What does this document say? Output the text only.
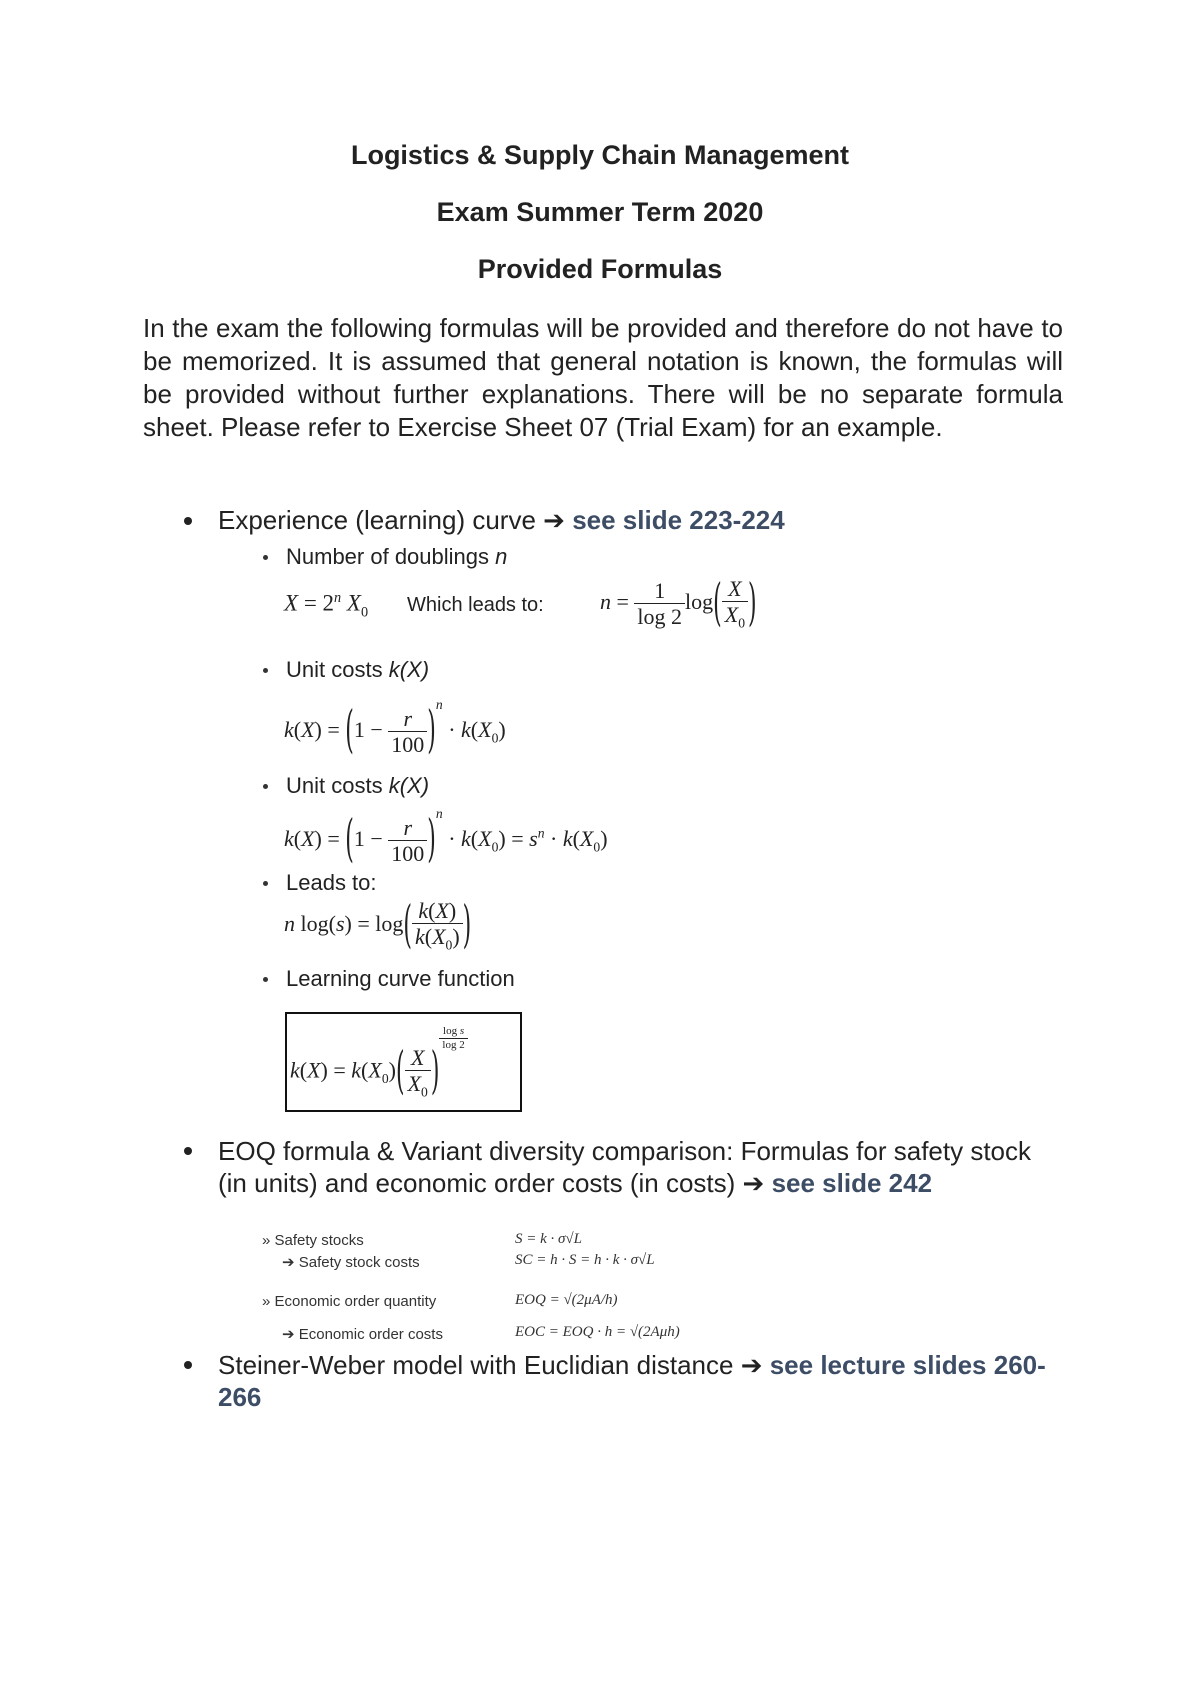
Logistics & Supply Chain Management
Exam Summer Term 2020
Provided Formulas
In the exam the following formulas will be provided and therefore do not have to be memorized. It is assumed that general notation is known, the formulas will be provided without further explanations. There will be no separate formula sheet. Please refer to Exercise Sheet 07 (Trial Exam) for an example.
Experience (learning) curve ➔ see slide 223-224
Number of doublings n
$X = 2^n$ $X_0$ Which leads to:	$n = \frac{1}{\log 2} \log( \frac{X}{X_0}$ )
Unit costs k(X)
$k(X) = (1 - \frac{r}{100} )^n \cdot k(X_0)$
Unit costs k(X)
$k(X) = (1 - \frac{r}{100} )^n \cdot k(X_0) = s^n \cdot k(X_0)$
Leads to:
n $\log(s) = \log( \frac{k(X)}{k(X_0)}$ )
Learning curve function
$k(X) = k(X_0)( \frac{X}{X_0}$ )
$\frac{\text{log s}}{\log 2}$
EOQ formula & Variant diversity comparison: Formulas for safety stock (in units) and economic order costs (in costs) ➔ see slide 242
» Safety stocks	S = k · σ√L
➔ Safety stock costs	SC = h · S = h · k · σ√L
» Economic order quantity	EOQ = √(2μA/h)
➔ Economic order costs	EOC = EOQ · h = √(2Aμh)
Steiner-Weber model with Euclidian distance ➔ see lecture slides 260-266
